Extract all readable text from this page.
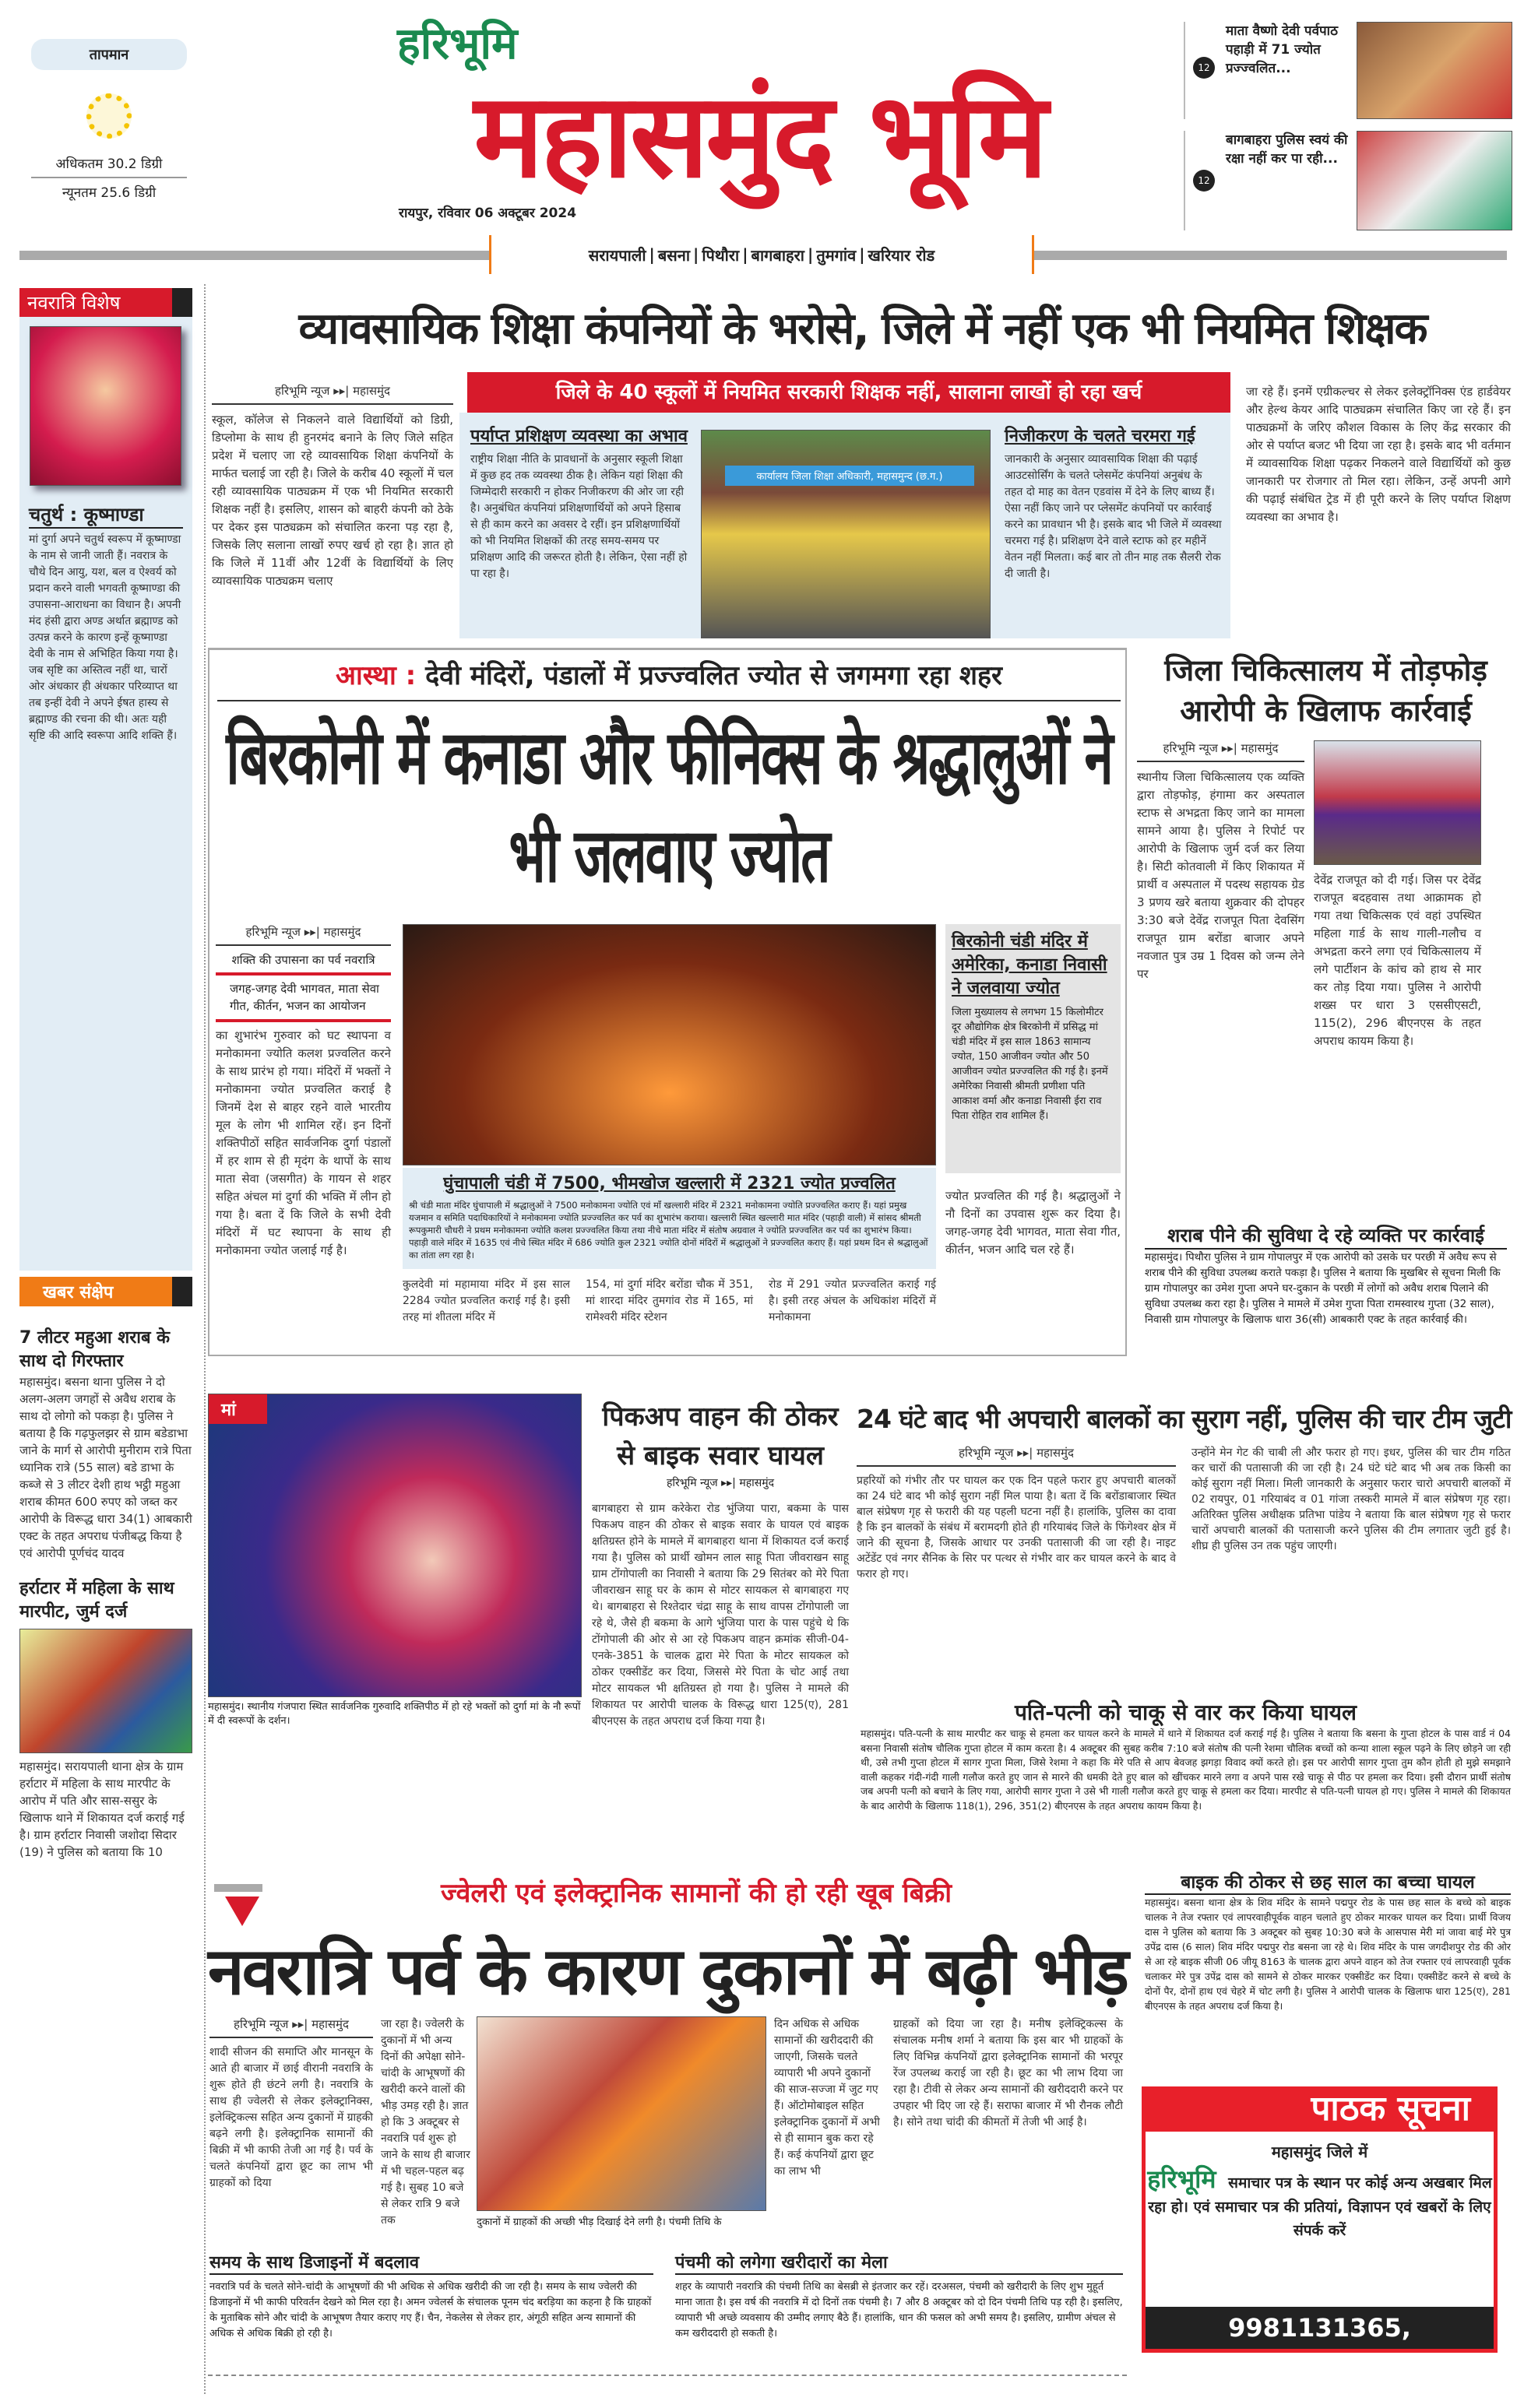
तापमान
अधिकतम 30.2 डिग्री
न्यूनतम 25.6 डिग्री
हरिभूमि
महासमुंद भूमि
रायपुर, रविवार 06 अक्टूबर 2024
12
माता वैष्णो देवी पर्वपाठ पहाड़ी में 71 ज्योत प्रज्ज्वलित...
12
बागबाहरा पुलिस स्वयं की रक्षा नहीं कर पा रही...
सरायपाली | बसना | पिथौरा | बागबाहरा | तुमगांव | खरियार रोड
नवरात्रि विशेष
चतुर्थ : कूष्माण्डा
मां दुर्गा अपने चतुर्थ स्वरूप में कूष्माण्डा के नाम से जानी जाती हैं। नवरात्र के चौथे दिन आयु, यश, बल व ऐश्वर्य को प्रदान करने वाली भगवती कूष्माण्डा की उपासना-आराधना का विधान है। अपनी मंद हंसी द्वारा अण्ड अर्थात ब्रह्माण्ड को उत्पन्न करने के कारण इन्हें कूष्माण्डा देवी के नाम से अभिहित किया गया है। जब सृष्टि का अस्तित्व नहीं था, चारों ओर अंधकार ही अंधकार परिव्याप्त था तब इन्हीं देवी ने अपने ईषत हास्य से ब्रह्माण्ड की रचना की थी। अतः यही सृष्टि की आदि स्वरूपा आदि शक्ति हैं।
खबर संक्षेप
7 लीटर महुआ शराब के साथ दो गिरफ्तार
महासमुंद। बसना थाना पुलिस ने दो अलग-अलग जगहों से अवैध शराब के साथ दो लोगो को पकड़ा है। पुलिस ने बताया है कि गढ़फुलझर से ग्राम बडेडाभा जाने के मार्ग से आरोपी मुनीराम रात्रे पिता ध्यानिक रात्रे (55 साल) बडे डाभा के कब्जे से 3 लीटर देशी हाथ भट्ठी महुआ शराब कीमत 600 रुपए को जब्त कर आरोपी के विरूद्ध धारा 34(1) आबकारी एक्ट के तहत अपराध पंजीबद्ध किया है एवं आरोपी पूर्णचंद यादव
हर्राटार में महिला के साथ मारपीट, जुर्म दर्ज
महासमुंद। सरायपाली थाना क्षेत्र के ग्राम हर्राटार में महिला के साथ मारपीट के आरोप में पति और सास-ससुर के खिलाफ थाने में शिकायत दर्ज कराई गई है। ग्राम हर्राटार निवासी जशोदा सिदार (19) ने पुलिस को बताया कि 10
व्यावसायिक शिक्षा कंपनियों के भरोसे, जिले में नहीं एक भी नियमित शिक्षक
जिले के 40 स्कूलों में नियमित सरकारी शिक्षक नहीं, सालाना लाखों हो रहा खर्च
हरिभूमि न्यूज ▸▸| महासमुंद
स्कूल, कॉलेज से निकलने वाले विद्यार्थियों को डिग्री, डिप्लोमा के साथ ही हुनरमंद बनाने के लिए जिले सहित प्रदेश में चलाए जा रहे व्यावसायिक शिक्षा कंपनियों के मार्फत चलाई जा रही है। जिले के करीब 40 स्कूलों में चल रही व्यावसायिक पाठ्यक्रम में एक भी नियमित सरकारी शिक्षक नहीं है। इसलिए, शासन को बाहरी कंपनी को ठेके पर देकर इस पाठ्यक्रम को संचालित करना पड़ रहा है, जिसके लिए सलाना लाखों रुपए खर्च हो रहा है। ज्ञात हो कि जिले में 11वीं और 12वीं के विद्यार्थियों के लिए व्यावसायिक पाठ्यक्रम चलाए
पर्याप्त प्रशिक्षण व्यवस्था का अभाव
राष्ट्रीय शिक्षा नीति के प्रावधानों के अनुसार स्कूली शिक्षा में कुछ हद तक व्यवस्था ठीक है। लेकिन यहां शिक्षा की जिम्मेदारी सरकारी न होकर निजीकरण की ओर जा रही है। अनुबंधित कंपनियां प्रशिक्षणार्थियों को अपने हिसाब से ही काम करने का अवसर दे रहीं। इन प्रशिक्षणार्थियों को भी नियमित शिक्षकों की तरह समय-समय पर प्रशिक्षण आदि की जरूरत होती है। लेकिन, ऐसा नहीं हो पा रहा है।
कार्यालय जिला शिक्षा अधिकारी, महासमुन्द (छ.ग.)
निजीकरण के चलते चरमरा गई
जानकारी के अनुसार व्यावसायिक शिक्षा की पढ़ाई आउटसोर्सिंग के चलते प्लेसमेंट कंपनियां अनुबंध के तहत दो माह का वेतन एडवांस में देने के लिए बाध्य हैं। ऐसा नहीं किए जाने पर प्लेसमेंट कंपनियों पर कार्रवाई करने का प्रावधान भी है। इसके बाद भी जिले में व्यवस्था चरमरा गई है। प्रशिक्षण देने वाले स्टाफ को हर महीनें वेतन नहीं मिलता। कई बार तो तीन माह तक सैलरी रोक दी जाती है।
जा रहे हैं। इनमें एग्रीकल्चर से लेकर इलेक्ट्रॉनिक्स एंड हार्डवेयर और हेल्थ केयर आदि पाठ्यक्रम संचालित किए जा रहे हैं। इन पाठ्यक्रमों के जरिए कौशल विकास के लिए केंद्र सरकार की ओर से पर्याप्त बजट भी दिया जा रहा है। इसके बाद भी वर्तमान में व्यावसायिक शिक्षा पढ़कर निकलने वाले विद्यार्थियों को कुछ जानकारी पर रोजगार तो मिल रहा। लेकिन, उन्हें अपनी आगे की पढ़ाई संबंधित ट्रेड में ही पूरी करने के लिए पर्याप्त शिक्षण व्यवस्था का अभाव है।
आस्था : देवी मंदिरों, पंडालों में प्रज्ज्वलित ज्योत से जगमगा रहा शहर
बिरकोनी में कनाडा और फीनिक्स के श्रद्धालुओं ने भी जलवाए ज्योत
हरिभूमि न्यूज ▸▸| महासमुंद
शक्ति की उपासना का पर्व नवरात्रि
जगह-जगह देवी भागवत, माता सेवा गीत, कीर्तन, भजन का आयोजन
का शुभारंभ गुरुवार को घट स्थापना व मनोकामना ज्योति कलश प्रज्वलित करने के साथ प्रारंभ हो गया। मंदिरों में भक्तों ने मनोकामना ज्योत प्रज्वलित कराई है जिनमें देश से बाहर रहने वाले भारतीय मूल के लोग भी शामिल रहें। इन दिनों शक्तिपीठों सहित सार्वजनिक दुर्गा पंडालों में हर शाम से ही मृदंग के थापों के साथ माता सेवा (जसगीत) के गायन से शहर सहित अंचल मां दुर्गा की भक्ति में लीन हो गया है। बता दें कि जिले के सभी देवी मंदिरों में घट स्थापना के साथ ही मनोकामना ज्योत जलाई गई है।
घुंचापाली चंडी में 7500, भीमखोज खल्लारी में 2321 ज्योत प्रज्वलित
श्री चंडी माता मंदिर घुंचापाली में श्रद्धालुओं ने 7500 मनोकामना ज्योति एवं माँ खल्लारी मंदिर में 2321 मनोकामना ज्योति प्रज्ज्वलित कराए हैं। यहां प्रमुख यजमान व समिति पदाधिकारियों ने मनोकामना ज्योति प्रज्ज्वलित कर पर्व का शुभारंभ कराया। खल्लारी स्थित खल्लारी मात मंदिर (पहाड़ी वाली) में सांसद श्रीमती रूपकुमारी चौधरी ने प्रथम मनोकामना ज्योति कलश प्रज्ज्वलित किया तथा नीचे माता मंदिर में संतोष अग्रवाल ने ज्योति प्रज्ज्वलित कर पर्व का शुभारंभ किया। पहाड़ी वाले मंदिर में 1635 एवं नीचे स्थित मंदिर में 686 ज्योति कुल 2321 ज्योति दोनों मंदिरों में श्रद्धालुओं ने प्रज्ज्वलित कराए हैं। यहां प्रथम दिन से श्रद्धालुओं का तांता लग रहा है।
कुलदेवी मां महामाया मंदिर में इस साल 2284 ज्योत प्रज्वलित कराई गई है। इसी तरह मां शीतला मंदिर में
154, मां दुर्गा मंदिर बरोंडा चौक में 351, मां शारदा मंदिर तुमगांव रोड में 165, मां रामेश्वरी मंदिर स्टेशन
रोड में 291 ज्योत प्रज्ज्वलित कराई गई है। इसी तरह अंचल के अधिकांश मंदिरों में मनोकामना
बिरकोनी चंडी मंदिर में अमेरिका, कनाडा निवासी ने जलवाया ज्योत
जिला मुख्यालय से लगभग 15 किलोमीटर दूर औद्योगिक क्षेत्र बिरकोनी में प्रसिद्ध मां चंडी मंदिर में इस साल 1863 सामान्य ज्योत, 150 आजीवन ज्योत और 50 आजीवन ज्योत प्रज्ज्वलित की गई है। इनमें अमेरिका निवासी श्रीमती प्रणीशा पति आकाश वर्मा और कनाडा निवासी ईरा राव पिता रोहित राव शामिल हैं।
ज्योत प्रज्वलित की गई है। श्रद्धालुओं ने नौ दिनों का उपवास शुरू कर दिया है। जगह-जगह देवी भागवत, माता सेवा गीत, कीर्तन, भजन आदि चल रहे हैं।
जिला चिकित्सालय में तोड़फोड़ आरोपी के खिलाफ कार्रवाई
हरिभूमि न्यूज ▸▸| महासमुंद
स्थानीय जिला चिकित्सालय एक व्यक्ति द्वारा तोड़फोड़, हंगामा कर अस्पताल स्टाफ से अभद्रता किए जाने का मामला सामने आया है। पुलिस ने रिपोर्ट पर आरोपी के खिलाफ जुर्म दर्ज कर लिया है। सिटी कोतवाली में किए शिकायत में प्रार्थी व अस्पताल में पदस्थ सहायक ग्रेड 3 प्रणय खरे बताया शुक्रवार की दोपहर 3:30 बजे देवेंद्र राजपूत पिता देवसिंग राजपूत ग्राम बरोंडा बाजार अपने नवजात पुत्र उम्र 1 दिवस को जन्म लेने पर
देवेंद्र राजपूत को दी गई। जिस पर देवेंद्र राजपूत बदहवास तथा आक्रामक हो गया तथा चिकित्सक एवं वहां उपस्थित महिला गार्ड के साथ गाली-गलौच व अभद्रता करने लगा एवं चिकित्सालय में लगे पार्टीशन के कांच को हाथ से मार कर तोड़ दिया गया। पुलिस ने आरोपी शख्स पर धारा 3 एससीएसटी, 115(2), 296 बीएनएस के तहत अपराध कायम किया है।
शराब पीने की सुविधा दे रहे व्यक्ति पर कार्रवाई
महासमुंद। पिथौरा पुलिस ने ग्राम गोपालपुर में एक आरोपी को उसके घर परछी में अवैध रूप से शराब पीने की सुविधा उपलब्ध कराते पकड़ा है। पुलिस ने बताया कि मुखबिर से सूचना मिली कि ग्राम गोपालपुर का उमेश गुप्ता अपने घर-दुकान के परछी में लोगों को अवैध शराब पिलाने की सुविधा उपलब्ध करा रहा है। पुलिस ने मामले में उमेश गुप्ता पिता रामस्वारथ गुप्ता (32 साल), निवासी ग्राम गोपालपुर के खिलाफ धारा 36(सी) आबकारी एक्ट के तहत कार्रवाई की।
मां
महासमुंद। स्थानीय गंजपारा स्थित सार्वजनिक गुरुवादि शक्तिपीठ में हो रहे भक्तों को दुर्गा मां के नौ रूपों में दी स्वरूपों के दर्शन।
पिकअप वाहन की ठोकर से बाइक सवार घायल
हरिभूमि न्यूज ▸▸| महासमुंद
बागबाहरा से ग्राम करेकेरा रोड भुंजिया पारा, बकमा के पास पिकअप वाहन की ठोकर से बाइक सवार के घायल एवं बाइक क्षतिग्रस्त होने के मामले में बागबाहरा थाना में शिकायत दर्ज कराई गया है। पुलिस को प्रार्थी खोमन लाल साहू पिता जीवराखन साहू ग्राम टोंगोपाली का निवासी ने बताया कि 29 सितंबर को मेरे पिता जीवराखन साहू घर के काम से मोटर सायकल से बागबाहरा गए थे। बागबाहरा से रिश्तेदार चंद्रा साहू के साथ वापस टोंगोपाली जा रहे थे, जैसे ही बकमा के आगे भुंजिया पारा के पास पहुंचे थे कि टोंगोपाली की ओर से आ रहे पिकअप वाहन क्रमांक सीजी-04-एनके-3851 के चालक द्वारा मेरे पिता के मोटर सायकल को ठोकर एक्सीडेंट कर दिया, जिससे मेरे पिता के चोट आई तथा मोटर सायकल भी क्षतिग्रस्त हो गया है। पुलिस ने मामले की शिकायत पर आरोपी चालक के विरूद्ध धारा 125(ए), 281 बीएनएस के तहत अपराध दर्ज किया गया है।
24 घंटे बाद भी अपचारी बालकों का सुराग नहीं, पुलिस की चार टीम जुटी
हरिभूमि न्यूज ▸▸| महासमुंद
प्रहरियों को गंभीर तौर पर घायल कर एक दिन पहले फरार हुए अपचारी बालकों का 24 घंटे बाद भी कोई सुराग नहीं मिल पाया है। बता दें कि बरोंडाबाजार स्थित बाल संप्रेषण गृह से फरारी की यह पहली घटना नहीं है। हालांकि, पुलिस का दावा है कि इन बालकों के संबंध में बरामदगी होते ही गरियाबंद जिले के फिंगेश्वर क्षेत्र में जाने की सूचना है, जिसके आधार पर उनकी पतासाजी की जा रही है। नाइट अटेंडेंट एवं नगर सैनिक के सिर पर पत्थर से गंभीर वार कर घायल करने के बाद वे फरार हो गए।
उन्होंने मेन गेट की चाबी ली और फरार हो गए। इधर, पुलिस की चार टीम गठित कर चारों की पतासाजी की जा रही है। 24 घंटे घंटे बाद भी अब तक किसी का कोई सुराग नहीं मिला। मिली जानकारी के अनुसार फरार चारो अपचारी बालकों में 02 रायपुर, 01 गरियाबंद व 01 गांजा तस्करी मामले में बाल संप्रेषण गृह रहा। अतिरिक्त पुलिस अधीक्षक प्रतिभा पांडेय ने बताया कि बाल संप्रेषण गृह से फरार चारों अपचारी बालकों की पतासाजी करने पुलिस की टीम लगातार जुटी हुई है। शीघ्र ही पुलिस उन तक पहुंच जाएगी।
पति-पत्नी को चाकू से वार कर किया घायल
महासमुंद। पति-पत्नी के साथ मारपीट कर चाकू से हमला कर घायल करने के मामले में थाने में शिकायत दर्ज कराई गई है। पुलिस ने बताया कि बसना के गुप्ता होटल के पास वार्ड नं 04 बसना निवासी संतोष चौलिक गुप्ता होटल में काम करता है। 4 अक्टूबर की सुबह करीब 7:10 बजे संतोष की पत्नी रेशमा चौलिक बच्चों को कन्या शाला स्कूल पढ़ने के लिए छोड़ने जा रही थी, उसे तभी गुप्ता होटल में सागर गुप्ता मिला, जिसे रेशमा ने कहा कि मेरे पति से आप बेवजह झगड़ा विवाद क्यों करते हो। इस पर आरोपी सागर गुप्ता तुम कौन होती हो मुझे समझाने वाली कहकर गंदी-गंदी गाली गलौज करते हुए जान से मारने की धमकी देते हुए बाल को खींचकर मारने लगा व अपने पास रखे चाकू से पीठ पर हमला कर दिया। इसी दौरान प्रार्थी संतोष जब अपनी पत्नी को बचाने के लिए गया, आरोपी सागर गुप्ता ने उसे भी गाली गलौज करते हुए चाकू से हमला कर दिया। मारपीट से पति-पत्नी घायल हो गए। पुलिस ने मामले की शिकायत के बाद आरोपी के खिलाफ 118(1), 296, 351(2) बीएनएस के तहत अपराध कायम किया है।
ज्वेलरी एवं इलेक्ट्रानिक सामानों की हो रही खूब बिक्री
नवरात्रि पर्व के कारण दुकानों में बढ़ी भीड़
हरिभूमि न्यूज ▸▸| महासमुंद
शादी सीजन की समाप्ति और मानसून के आते ही बाजार में छाई वीरानी नवरात्रि के शुरू होते ही छंटने लगी है। नवरात्रि के साथ ही ज्वेलरी से लेकर इलेक्ट्रानिक्स, इलेक्ट्रिकल्स सहित अन्य दुकानों में ग्राहकी बढ़ने लगी है। इलेक्ट्रानिक सामानों की बिक्री में भी काफी तेजी आ गई है। पर्व के चलते कंपनियों द्वारा छूट का लाभ भी ग्राहकों को दिया
जा रहा है। ज्वेलरी के दुकानों में भी अन्य दिनों की अपेक्षा सोने-चांदी के आभूषणों की खरीदी करने वालों की भीड़ उमड़ रही है। ज्ञात हो कि 3 अक्टूबर से नवरात्रि पर्व शुरू हो जाने के साथ ही बाजार में भी चहल-पहल बढ़ गई है। सुबह 10 बजे से लेकर रात्रि 9 बजे तक	दुकानों में ग्राहकों की अच्छी भीड़ दिखाई देने लगी है। पंचमी तिथि के
दिन अधिक से अधिक सामानों की खरीददारी की जाएगी, जिसके चलते व्यापारी भी अपने दुकानों की साज-सज्जा में जुट गए हैं। ऑटोमोबाइल सहित इलेक्ट्रानिक दुकानों में अभी से ही सामान बुक करा रहे हैं। कई कंपनियों द्वारा छूट का लाभ भी
ग्राहकों को दिया जा रहा है। मनीष इलेक्ट्रिकल्स के संचालक मनीष शर्मा ने बताया कि इस बार भी ग्राहकों के लिए विभिन्न कंपनियों द्वारा इलेक्ट्रानिक सामानों की भरपूर रेंज उपलब्ध कराई जा रही है। छूट का भी लाभ दिया जा रहा है। टीवी से लेकर अन्य सामानों की खरीददारी करने पर उपहार भी दिए जा रहे हैं। सराफा बाजार में भी रौनक लौटी है। सोने तथा चांदी की कीमतों में तेजी भी आई है।
समय के साथ डिजाइनों में बदलाव
नवरात्रि पर्व के चलते सोने-चांदी के आभूषणों की भी अधिक से अधिक खरीदी की जा रही है। समय के साथ ज्वेलरी की डिजाइनों में भी काफी परिवर्तन देखने को मिल रहा है। अमन ज्वेलर्स के संचालक पूनम चंद बरड़िया का कहना है कि ग्राहकों के मुताबिक सोने और चांदी के आभूषण तैयार कराए गए हैं। चैन, नेकलेस से लेकर हार, अंगूठी सहित अन्य सामानों की अधिक से अधिक बिक्री हो रही है।
पंचमी को लगेगा खरीदारों का मेला
शहर के व्यापारी नवरात्रि की पंचमी तिथि का बेसब्री से इंतजार कर रहें। दरअसल, पंचमी को खरीदारी के लिए शुभ मुहूर्त माना जाता है। इस वर्ष की नवरात्रि में दो दिनों तक पंचमी है। 7 और 8 अक्टूबर को दो दिन पंचमी तिथि पड़ रही है। इसलिए, व्यापारी भी अच्छे व्यवसाय की उम्मीद लगाए बैठे हैं। हालांकि, धान की फसल को अभी समय है। इसलिए, ग्रामीण अंचल से कम खरीददारी हो सकती है।
बाइक की ठोकर से छह साल का बच्चा घायल
महासमुंद। बसना थाना क्षेत्र के शिव मंदिर के सामने पद्मपुर रोड के पास छह साल के बच्चे को बाइक चालक ने तेज रफ्तार एवं लापरवाहीपूर्वक वाहन चलाते हुए ठोकर मारकर घायल कर दिया। प्रार्थी विजय दास ने पुलिस को बताया कि 3 अक्टूबर को सुबह 10:30 बजे के आसपास मेरी मां जावा बाई मेरे पुत्र उपेंद्र दास (6 साल) शिव मंदिर पद्मपुर रोड बसना जा रहे थे। शिव मंदिर के पास जगदीशपुर रोड की ओर से आ रहे बाइक सीजी 06 जीयू 8163 के चालक द्वारा अपने वाहन को तेज रफ्तार एवं लापरवाही पूर्वक चलाकर मेरे पुत्र उपेंद्र दास को सामने से ठोकर मारकर एक्सीडेंट कर दिया। एक्सीडेंट करने से बच्चे के दोनों पैर, दोनों हाथ एवं चेहरे में चोट लगी है। पुलिस ने आरोपी चालक के खिलाफ धारा 125(ए), 281 बीएनएस के तहत अपराध दर्ज किया है।
पाठक सूचना
महासमुंद जिले में
हरिभूमि समाचार पत्र के स्थान पर कोई अन्य अखबार मिल रहा हो। एवं समाचार पत्र की प्रतियां, विज्ञापन एवं खबरों के लिए संपर्क करें
9981131365, 9098324969
